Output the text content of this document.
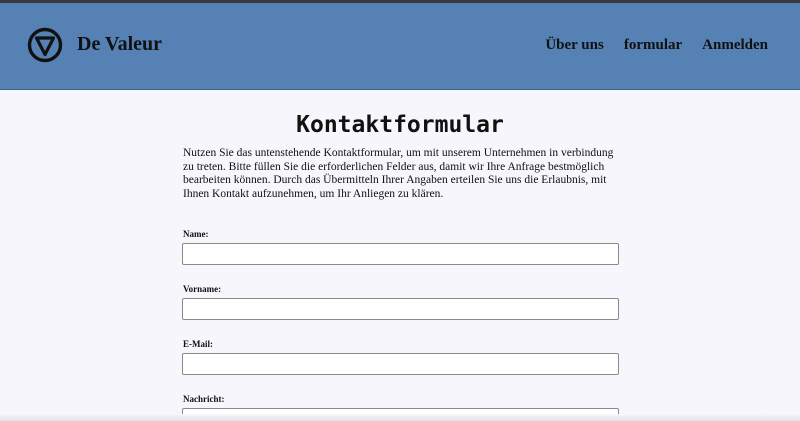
De Valeur	Über uns formular Anmelden
Kontaktformular

Nutzen Sie das untenstehende Kontaktformular, um mit unserem Unternehmen in verbindung zu treten. Bitte füllen Sie die erforderlichen Felder aus, damit wir Ihre Anfrage bestmöglich bearbeiten können. Durch das Übermitteln Ihrer Angaben erteilen Sie uns die Erlaubnis, mit Ihnen Kontakt aufzunehmen, um Ihr Anliegen zu klären.

Name:
Vorname:
E-Mail:
Nachricht:
